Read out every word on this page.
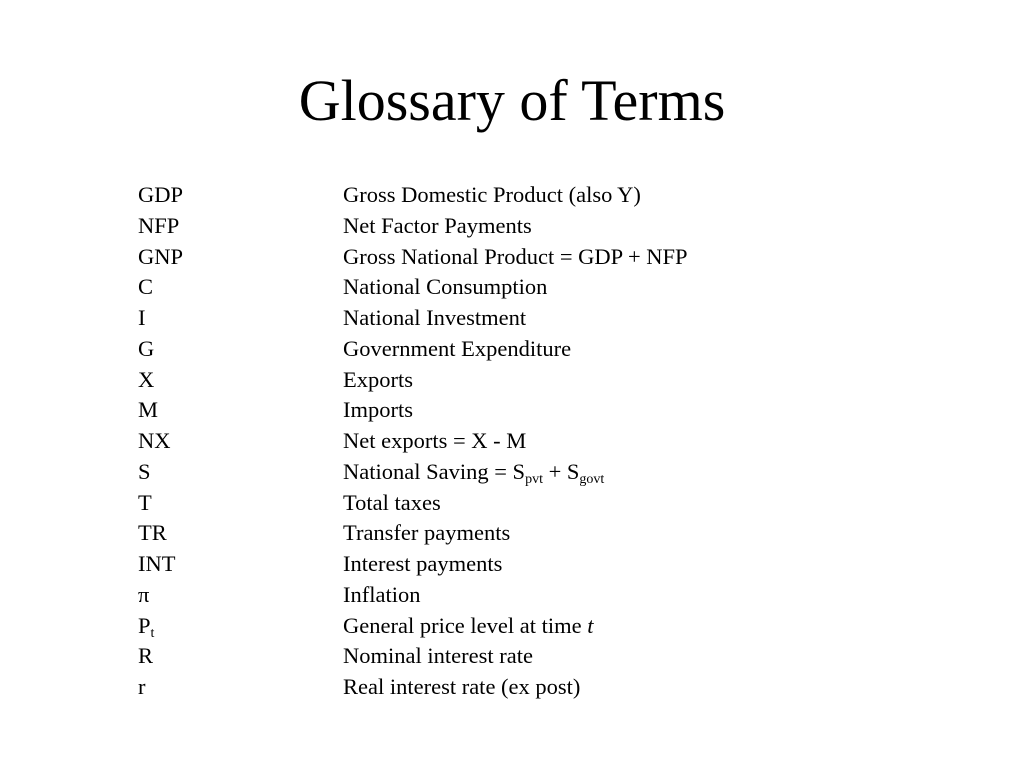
Glossary of Terms
GDP	Gross Domestic Product (also Y)
NFP	Net Factor Payments
GNP	Gross National Product = GDP + NFP
C	National Consumption
I	National Investment
G	Government Expenditure
X	Exports
M	Imports
NX	Net exports = X - M
S	National Saving = $S_{pvt} + S_{govt}$
T	Total taxes
TR	Transfer payments
INT	Interest payments
π	Inflation
$P_t$	General price level at time t
R	Nominal interest rate
r	Real interest rate (ex post)
